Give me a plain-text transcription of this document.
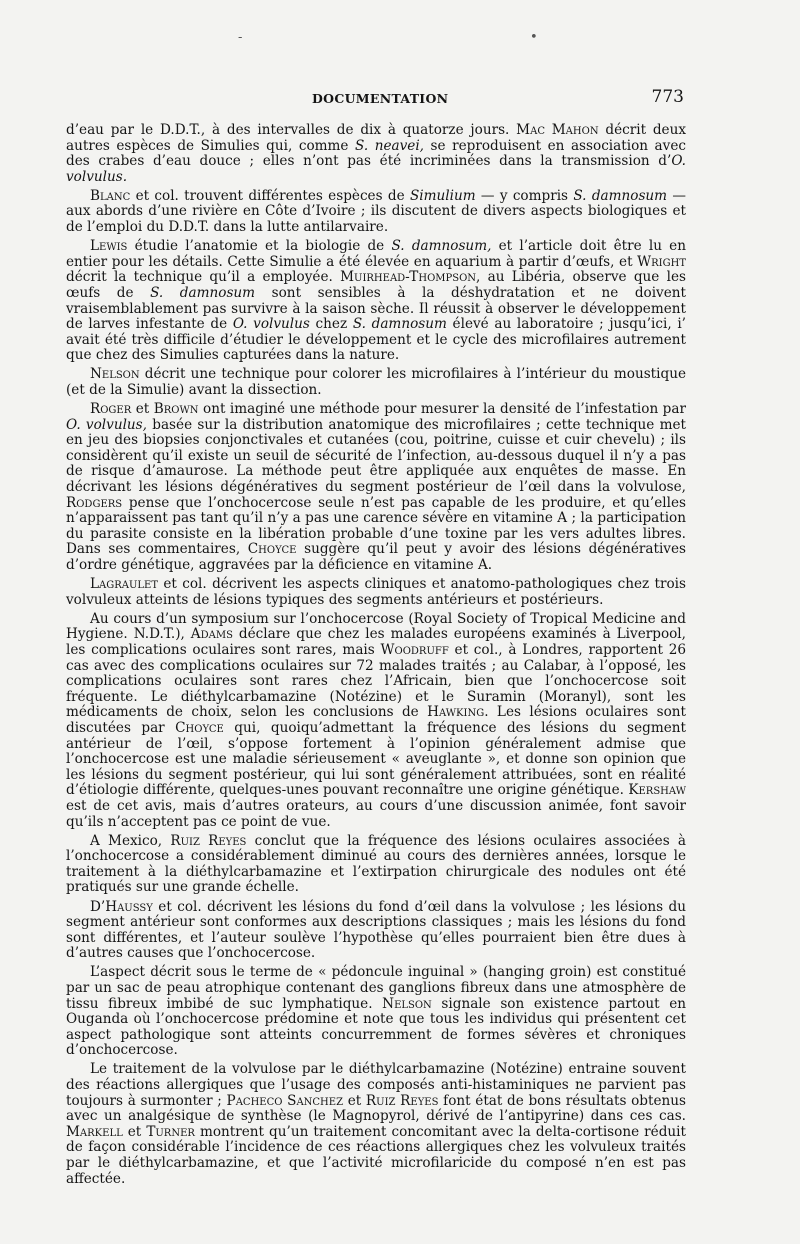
-	•
DOCUMENTATION	773

d’eau par le D.D.T., à des intervalles de dix à quatorze jours. Mac Mahon décrit deux autres espèces de Simulies qui, comme S. neavei, se reproduisent en association avec des crabes d’eau douce ; elles n’ont pas été incriminées dans la transmission d’O. volvulus.

Blanc et col. trouvent différentes espèces de Simulium — y compris S. damnosum — aux abords d’une rivière en Côte d’Ivoire ; ils discutent de divers aspects biologiques et de l’emploi du D.D.T. dans la lutte antilarvaire.

Lewis étudie l’anatomie et la biologie de S. damnosum, et l’article doit être lu en entier pour les détails. Cette Simulie a été élevée en aquarium à partir d’œufs, et Wright décrit la technique qu’il a employée. Muirhead-Thompson, au Libéria, observe que les œufs de S. damnosum sont sensibles à la déshydratation et ne doivent vraisemblablement pas survivre à la saison sèche. Il réussit à observer le développement de larves infestante de O. volvulus chez S. damnosum élevé au laboratoire ; jusqu’ici, i’ avait été très difficile d’étudier le développement et le cycle des microfilaires autrement que chez des Simulies capturées dans la nature.

Nelson décrit une technique pour colorer les microfilaires à l’intérieur du moustique (et de la Simulie) avant la dissection.

Roger et Brown ont imaginé une méthode pour mesurer la densité de l’infestation par O. volvulus, basée sur la distribution anatomique des microfilaires ; cette technique met en jeu des biopsies conjonctivales et cutanées (cou, poitrine, cuisse et cuir chevelu) ; ils considèrent qu’il existe un seuil de sécurité de l’infection, au-dessous duquel il n’y a pas de risque d’amaurose. La méthode peut être appliquée aux enquêtes de masse. En décrivant les lésions dégénératives du segment postérieur de l’œil dans la volvulose, Rodgers pense que l’onchocercose seule n’est pas capable de les produire, et qu’elles n’apparaissent pas tant qu’il n’y a pas une carence sévère en vitamine A ; la participation du parasite consiste en la libération probable d’une toxine par les vers adultes libres. Dans ses commentaires, Choyce suggère qu’il peut y avoir des lésions dégénératives d’ordre génétique, aggravées par la déficience en vitamine A.

Lagraulet et col. décrivent les aspects cliniques et anatomo-pathologiques chez trois volvuleux atteints de lésions typiques des segments antérieurs et postérieurs.

Au cours d’un symposium sur l’onchocercose (Royal Society of Tropical Medicine and Hygiene. N.D.T.), Adams déclare que chez les malades européens examinés à Liverpool, les complications oculaires sont rares, mais Woodruff et col., à Londres, rapportent 26 cas avec des complications oculaires sur 72 malades traités ; au Calabar, à l’opposé, les complications oculaires sont rares chez l’Africain, bien que l’onchocercose soit fréquente. Le diéthylcarbamazine (Notézine) et le Suramin (Moranyl), sont les médicaments de choix, selon les conclusions de Hawking. Les lésions oculaires sont discutées par Choyce qui, quoiqu’admettant la fréquence des lésions du segment antérieur de l’œil, s’oppose fortement à l’opinion généralement admise que l’onchocercose est une maladie sérieusement « aveuglante », et donne son opinion que les lésions du segment postérieur, qui lui sont généralement attribuées, sont en réalité d’étiologie différente, quelques-unes pouvant reconnaître une origine génétique. Kershaw est de cet avis, mais d’autres orateurs, au cours d’une discussion animée, font savoir qu’ils n’acceptent pas ce point de vue.

A Mexico, Ruiz Reyes conclut que la fréquence des lésions oculaires associées à l’onchocercose a considérablement diminué au cours des dernières années, lorsque le traitement à la diéthylcarbamazine et l’extirpation chirurgicale des nodules ont été pratiqués sur une grande échelle.

D’Haussy et col. décrivent les lésions du fond d’œil dans la volvulose ; les lésions du segment antérieur sont conformes aux descriptions classiques ; mais les lésions du fond sont différentes, et l’auteur soulève l’hypothèse qu’elles pourraient bien être dues à d’autres causes que l’onchocercose.

L’aspect décrit sous le terme de « pédoncule inguinal » (hanging groin) est constitué par un sac de peau atrophique contenant des ganglions fibreux dans une atmosphère de tissu fibreux imbibé de suc lymphatique. Nelson signale son existence partout en Ouganda où l’onchocercose prédomine et note que tous les individus qui présentent cet aspect pathologique sont atteints concurremment de formes sévères et chroniques d’onchocercose.

Le traitement de la volvulose par le diéthylcarbamazine (Notézine) entraine souvent des réactions allergiques que l’usage des composés anti-histaminiques ne parvient pas toujours à surmonter ; Pacheco Sanchez et Ruiz Reyes font état de bons résultats obtenus avec un analgésique de synthèse (le Magnopyrol, dérivé de l’antipyrine) dans ces cas. Markell et Turner montrent qu’un traitement concomitant avec la delta-cortisone réduit de façon considérable l’incidence de ces réactions allergiques chez les volvuleux traités par le diéthylcarbamazine, et que l’activité microfilaricide du composé n’en est pas affectée.
